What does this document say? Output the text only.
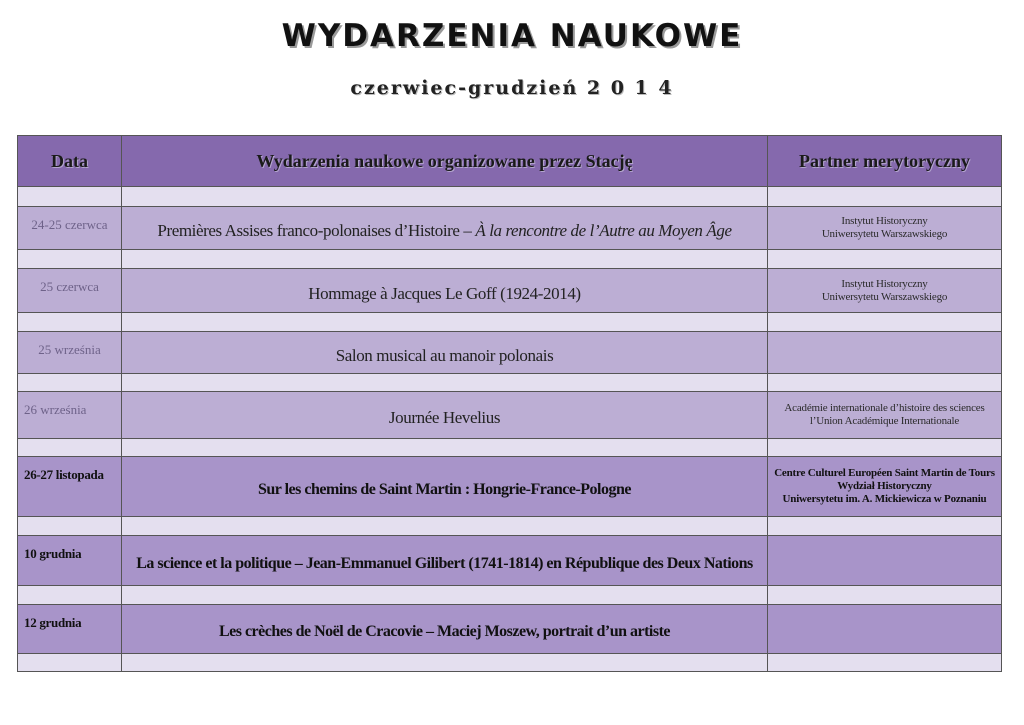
WYDARZENIA NAUKOWE
czerwiec-grudzień 2 0 1 4
Data	Wydarzenia naukowe organizowane przez Stację	Partner merytoryczny

24-25 czerwca	Premières Assises franco-polonaises d’Histoire – À la rencontre de l’Autre au Moyen Âge	Instytut Historyczny
Uniwersytetu Warszawskiego

25 czerwca	Hommage à Jacques Le Goff (1924-2014)	Instytut Historyczny
Uniwersytetu Warszawskiego

25 września	Salon musical au manoir polonais	

26 września	Journée Hevelius	Académie internationale d’histoire des sciences
l’Union Académique Internationale

26-27 listopada	Sur les chemins de Saint Martin : Hongrie-France-Pologne	Centre Culturel Européen Saint Martin de Tours
Wydział Historyczny
Uniwersytetu im. A. Mickiewicza w Poznaniu

10 grudnia	La science et la politique – Jean-Emmanuel Gilibert (1741-1814) en République des Deux Nations	

12 grudnia	Les crèches de Noël de Cracovie – Maciej Moszew, portrait d’un artiste	
